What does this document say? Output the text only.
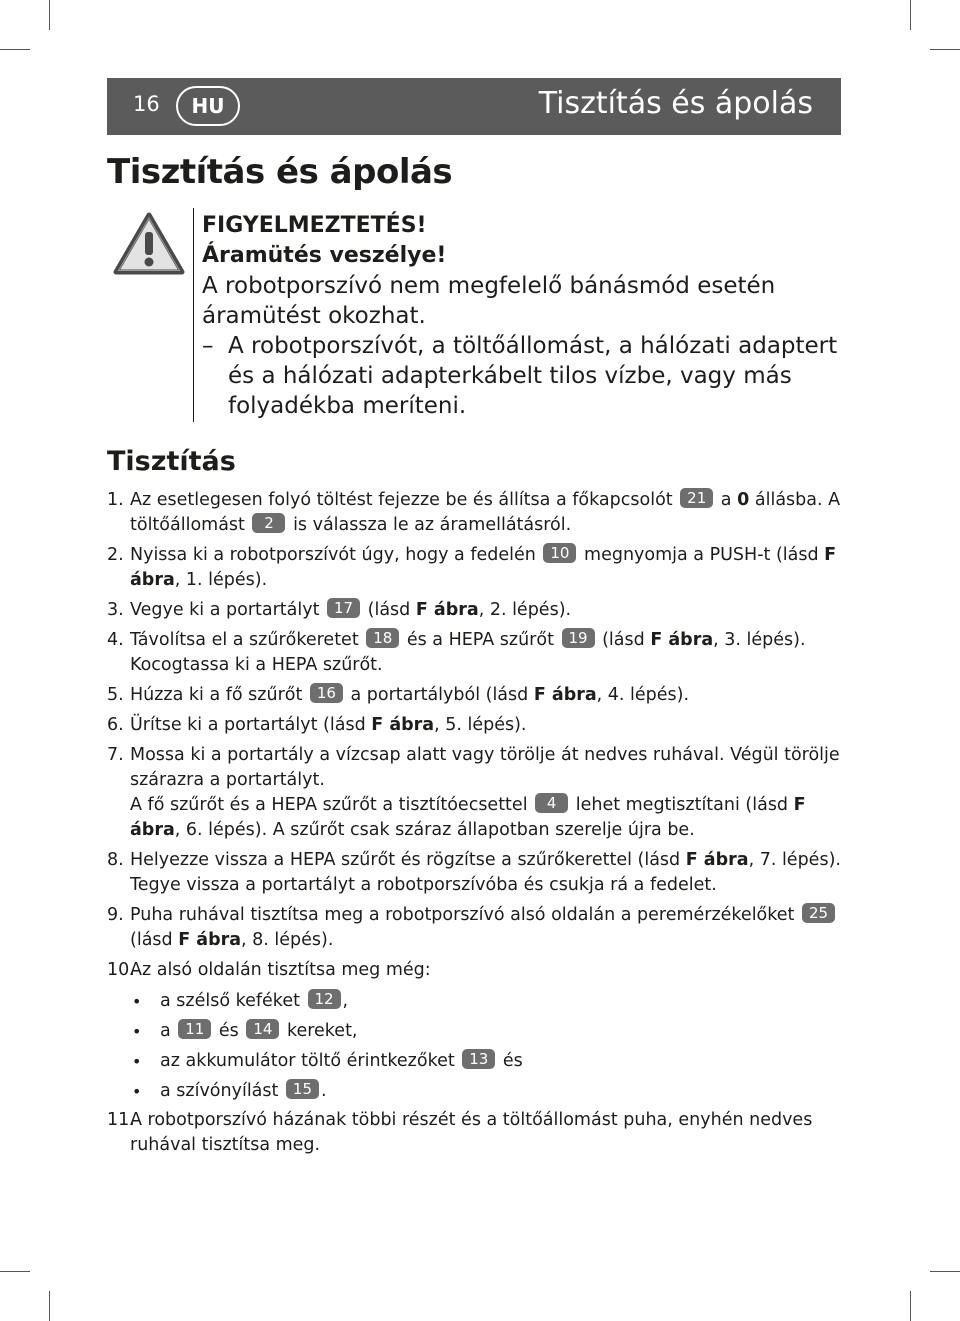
16	HU	Tisztítás és ápolás
Tisztítás és ápolás

FIGYELMEZTETÉS!

Áramütés veszélye!

A robotporszívó nem megfelelő bánásmód esetén áramütést okozhat.

– A robotporszívót, a töltőállomást, a hálózati adaptert és a hálózati adapterkábelt tilos vízbe, vagy más folyadékba meríteni.
Tisztítás
1. Az esetlegesen folyó töltést fejezze be és állítsa a főkapcsolót 21 a 0 állásba. A töltőállomást 2 is válassza le az áramellátásról.
2. Nyissa ki a robotporszívót úgy, hogy a fedelén 10 megnyomja a PUSH-t (lásd F ábra, 1. lépés).
3. Vegye ki a portartályt 17 (lásd F ábra, 2. lépés).
4. Távolítsa el a szűrőkeretet 18 és a HEPA szűrőt 19 (lásd F ábra, 3. lépés). Kocogtassa ki a HEPA szűrőt.
5. Húzza ki a fő szűrőt 16 a portartályból (lásd F ábra, 4. lépés).
6. Ürítse ki a portartályt (lásd F ábra, 5. lépés).
7. Mossa ki a portartály a vízcsap alatt vagy törölje át nedves ruhával. Végül törölje szárazra a portartályt.
A fő szűrőt és a HEPA szűrőt a tisztítóecsettel 4 lehet megtisztítani (lásd F ábra, 6. lépés). A szűrőt csak száraz állapotban szerelje újra be.
8. Helyezze vissza a HEPA szűrőt és rögzítse a szűrőkerettel (lásd F ábra, 7. lépés). Tegye vissza a portartályt a robotporszívóba és csukja rá a fedelet.
9. Puha ruhával tisztítsa meg a robotporszívó alsó oldalán a peremérzékelőket 25 (lásd F ábra, 8. lépés).
10.
Az alsó oldalán tisztítsa meg még:
• a szélső keféket 12 ,
• a 11 és 14 kereket,
• az akkumulátor töltő érintkezőket 13 és
• a szívónyílást 15 .
11.
A robotporszívó házának többi részét és a töltőállomást puha, enyhén nedves ruhával tisztítsa meg.
